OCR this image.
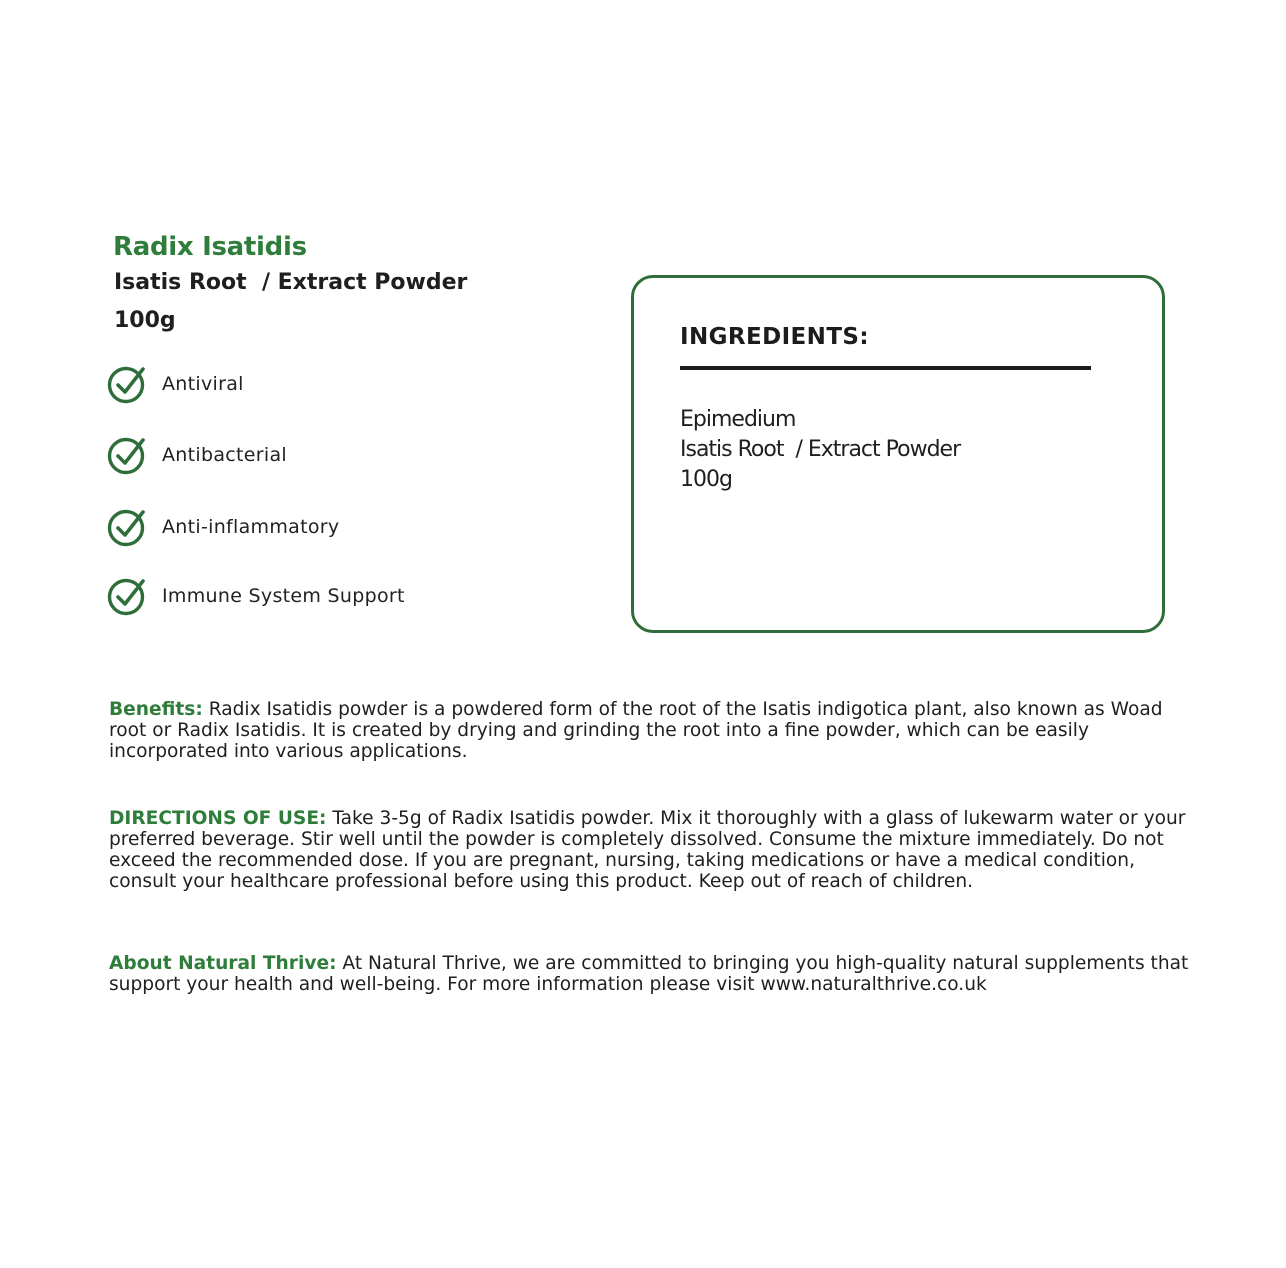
Radix Isatidis

Isatis Root  / Extract Powder

100g

Antiviral
Antibacterial
Anti-inflammatory
Immune System Support
INGREDIENTS:
Epimedium
Isatis Root  / Extract Powder
100g

Benefits: Radix Isatidis powder is a powdered form of the root of the Isatis indigotica plant, also known as Woad root or Radix Isatidis. It is created by drying and grinding the root into a fine powder, which can be easily incorporated into various applications.

DIRECTIONS OF USE: Take 3-5g of Radix Isatidis powder. Mix it thoroughly with a glass of lukewarm water or your preferred beverage. Stir well until the powder is completely dissolved. Consume the mixture immediately. Do not exceed the recommended dose. If you are pregnant, nursing, taking medications or have a medical condition, consult your healthcare professional before using this product. Keep out of reach of children.

About Natural Thrive: At Natural Thrive, we are committed to bringing you high-quality natural supplements that support your health and well-being. For more information please visit www.naturalthrive.co.uk
